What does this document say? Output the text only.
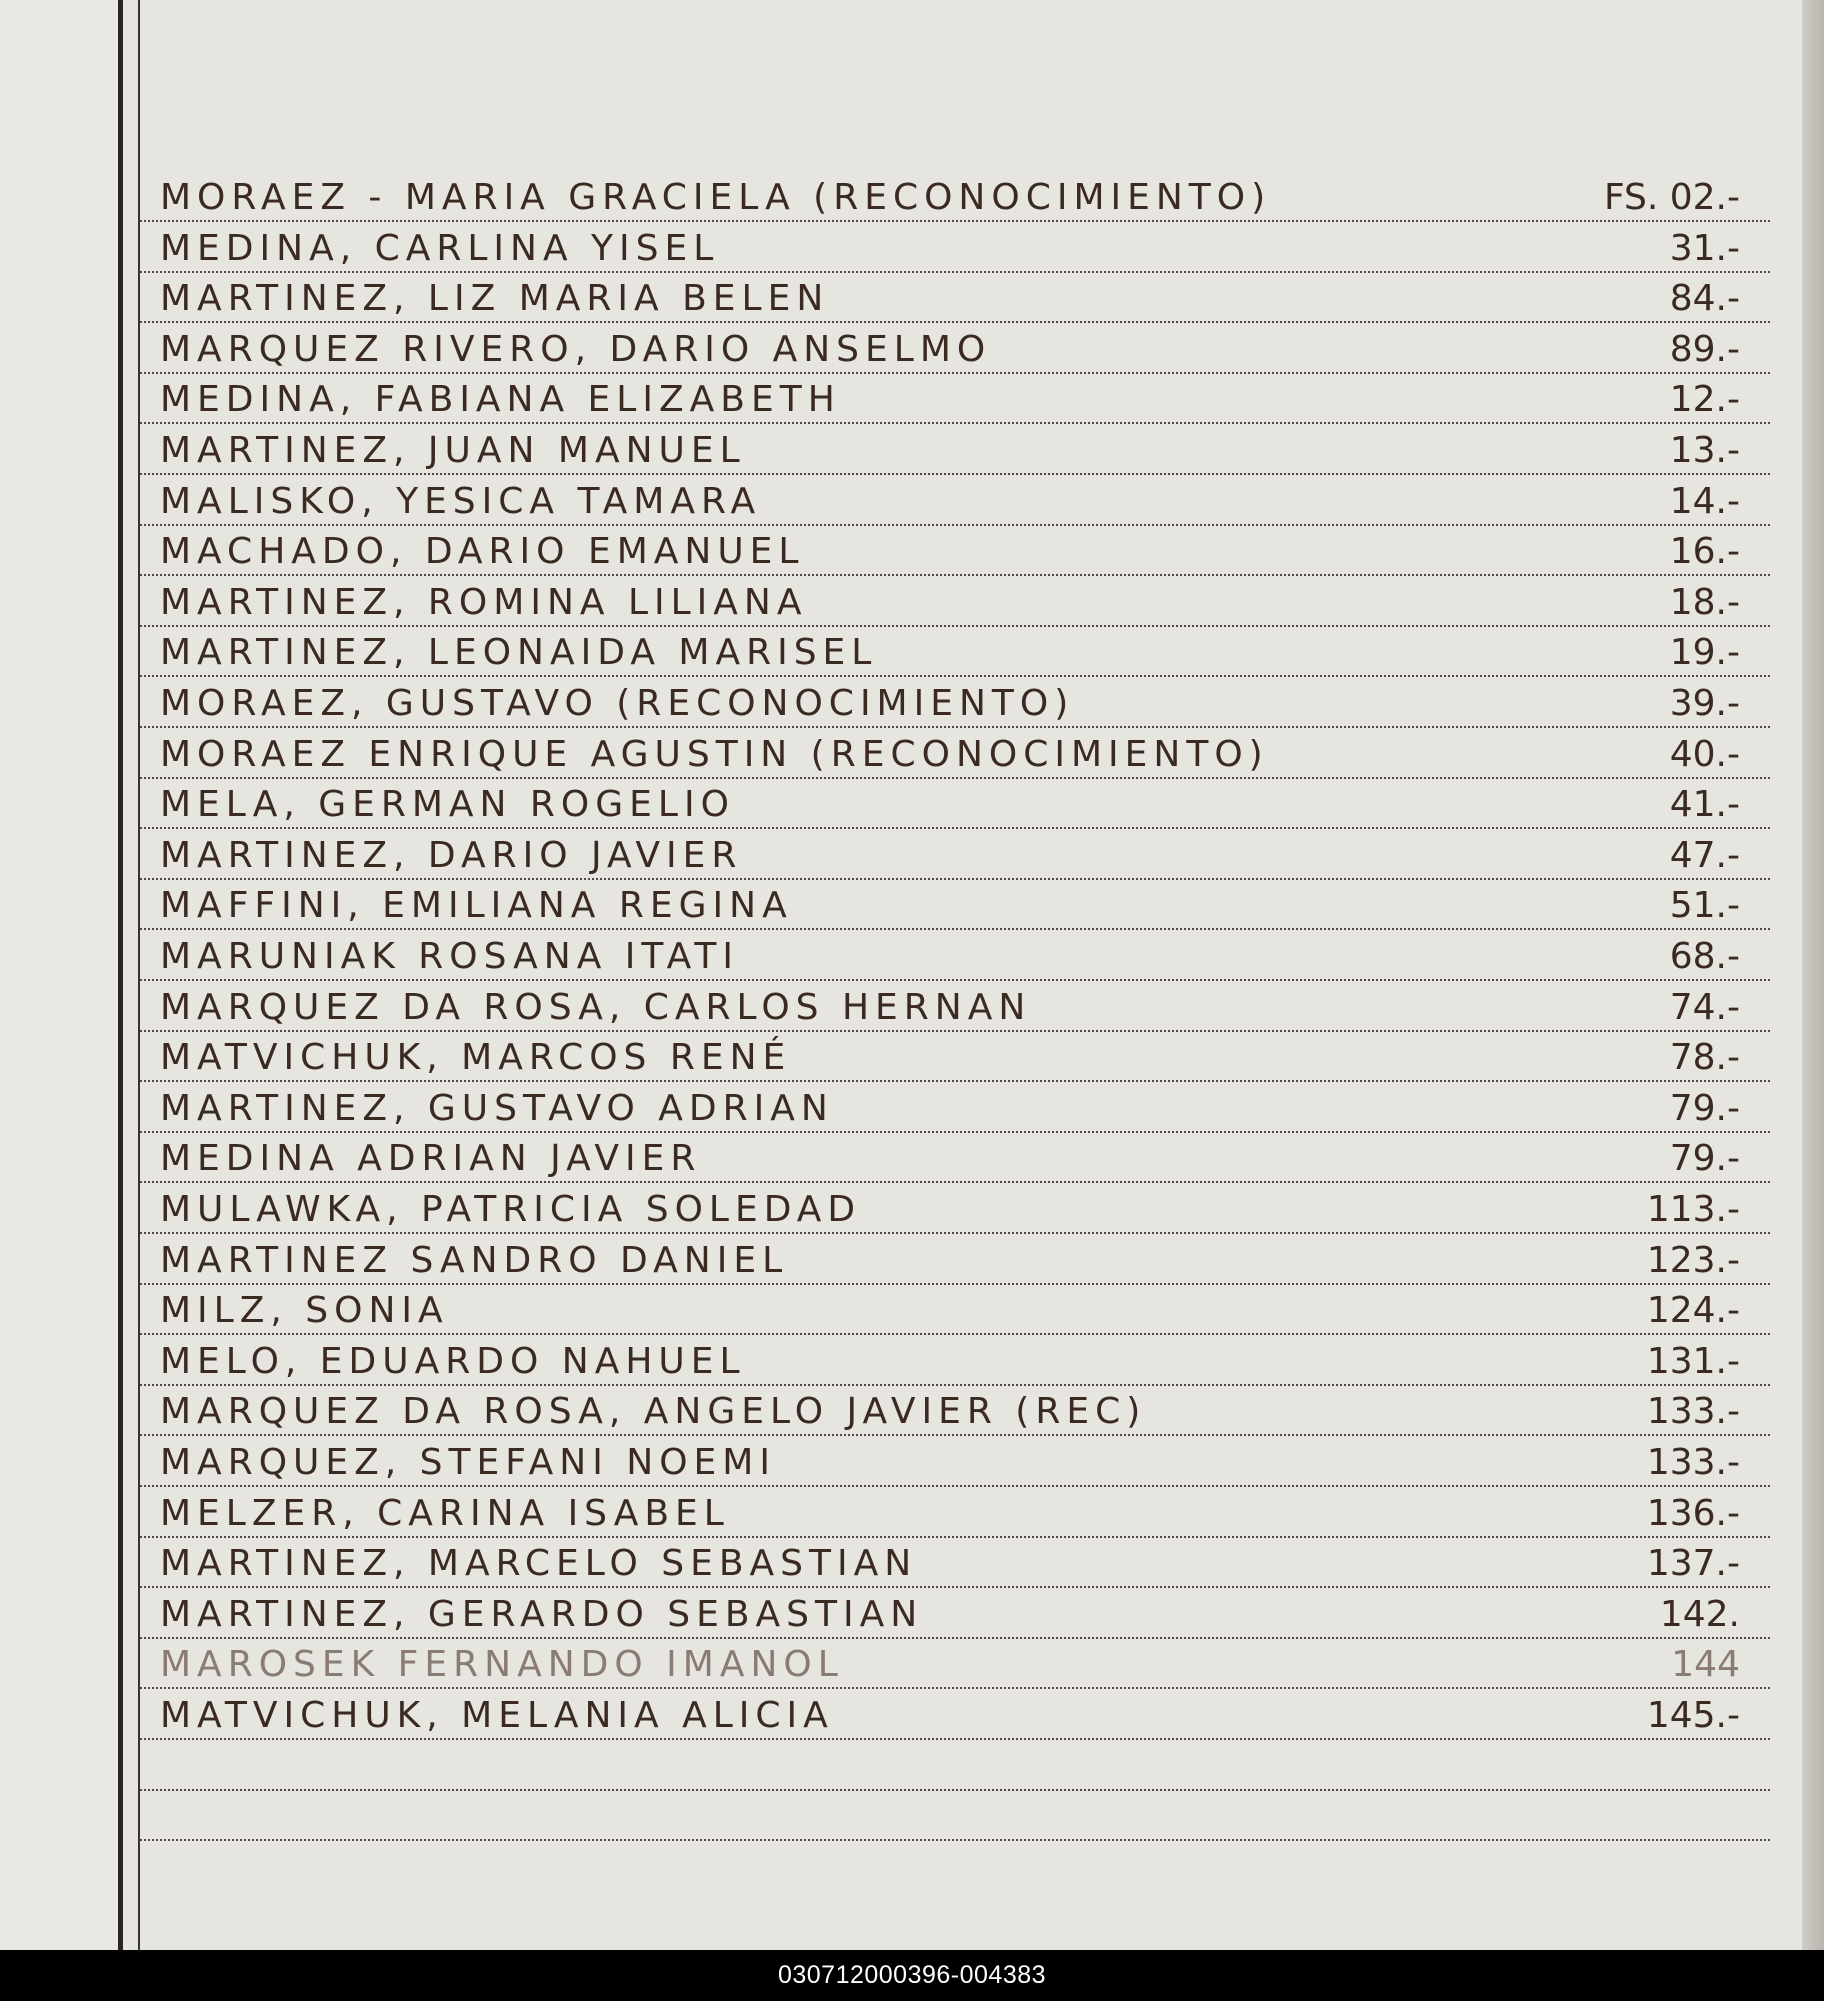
MORAEZ - MARIA GRACIELA (RECONOCIMIENTO)	FS. 02.-
MEDINA, CARLINA YISEL	31.-
MARTINEZ, LIZ MARIA BELEN	84.-
MARQUEZ RIVERO, DARIO ANSELMO	89.-
MEDINA, FABIANA ELIZABETH	12.-
MARTINEZ, JUAN MANUEL	13.-
MALISKO, YESICA TAMARA	14.-
MACHADO, DARIO EMANUEL	16.-
MARTINEZ, ROMINA LILIANA	18.-
MARTINEZ, LEONAIDA MARISEL	19.-
MORAEZ, GUSTAVO (RECONOCIMIENTO)	39.-
MORAEZ ENRIQUE AGUSTIN (RECONOCIMIENTO)	40.-
MELA, GERMAN ROGELIO	41.-
MARTINEZ, DARIO JAVIER	47.-
MAFFINI, EMILIANA REGINA	51.-
MARUNIAK ROSANA ITATI	68.-
MARQUEZ DA ROSA, CARLOS HERNAN	74.-
MATVICHUK, MARCOS RENÉ	78.-
MARTINEZ, GUSTAVO ADRIAN	79.-
MEDINA ADRIAN JAVIER	79.-
MULAWKA, PATRICIA SOLEDAD	113.-
MARTINEZ SANDRO DANIEL	123.-
MILZ, SONIA	124.-
MELO, EDUARDO NAHUEL	131.-
MARQUEZ DA ROSA, ANGELO JAVIER (REC)	133.-
MARQUEZ, STEFANI NOEMI	133.-
MELZER, CARINA ISABEL	136.-
MARTINEZ, MARCELO SEBASTIAN	137.-
MARTINEZ, GERARDO SEBASTIAN	142.
MAROSEK FERNANDO IMANOL	144
MATVICHUK, MELANIA ALICIA	145.-
030712000396-004383
